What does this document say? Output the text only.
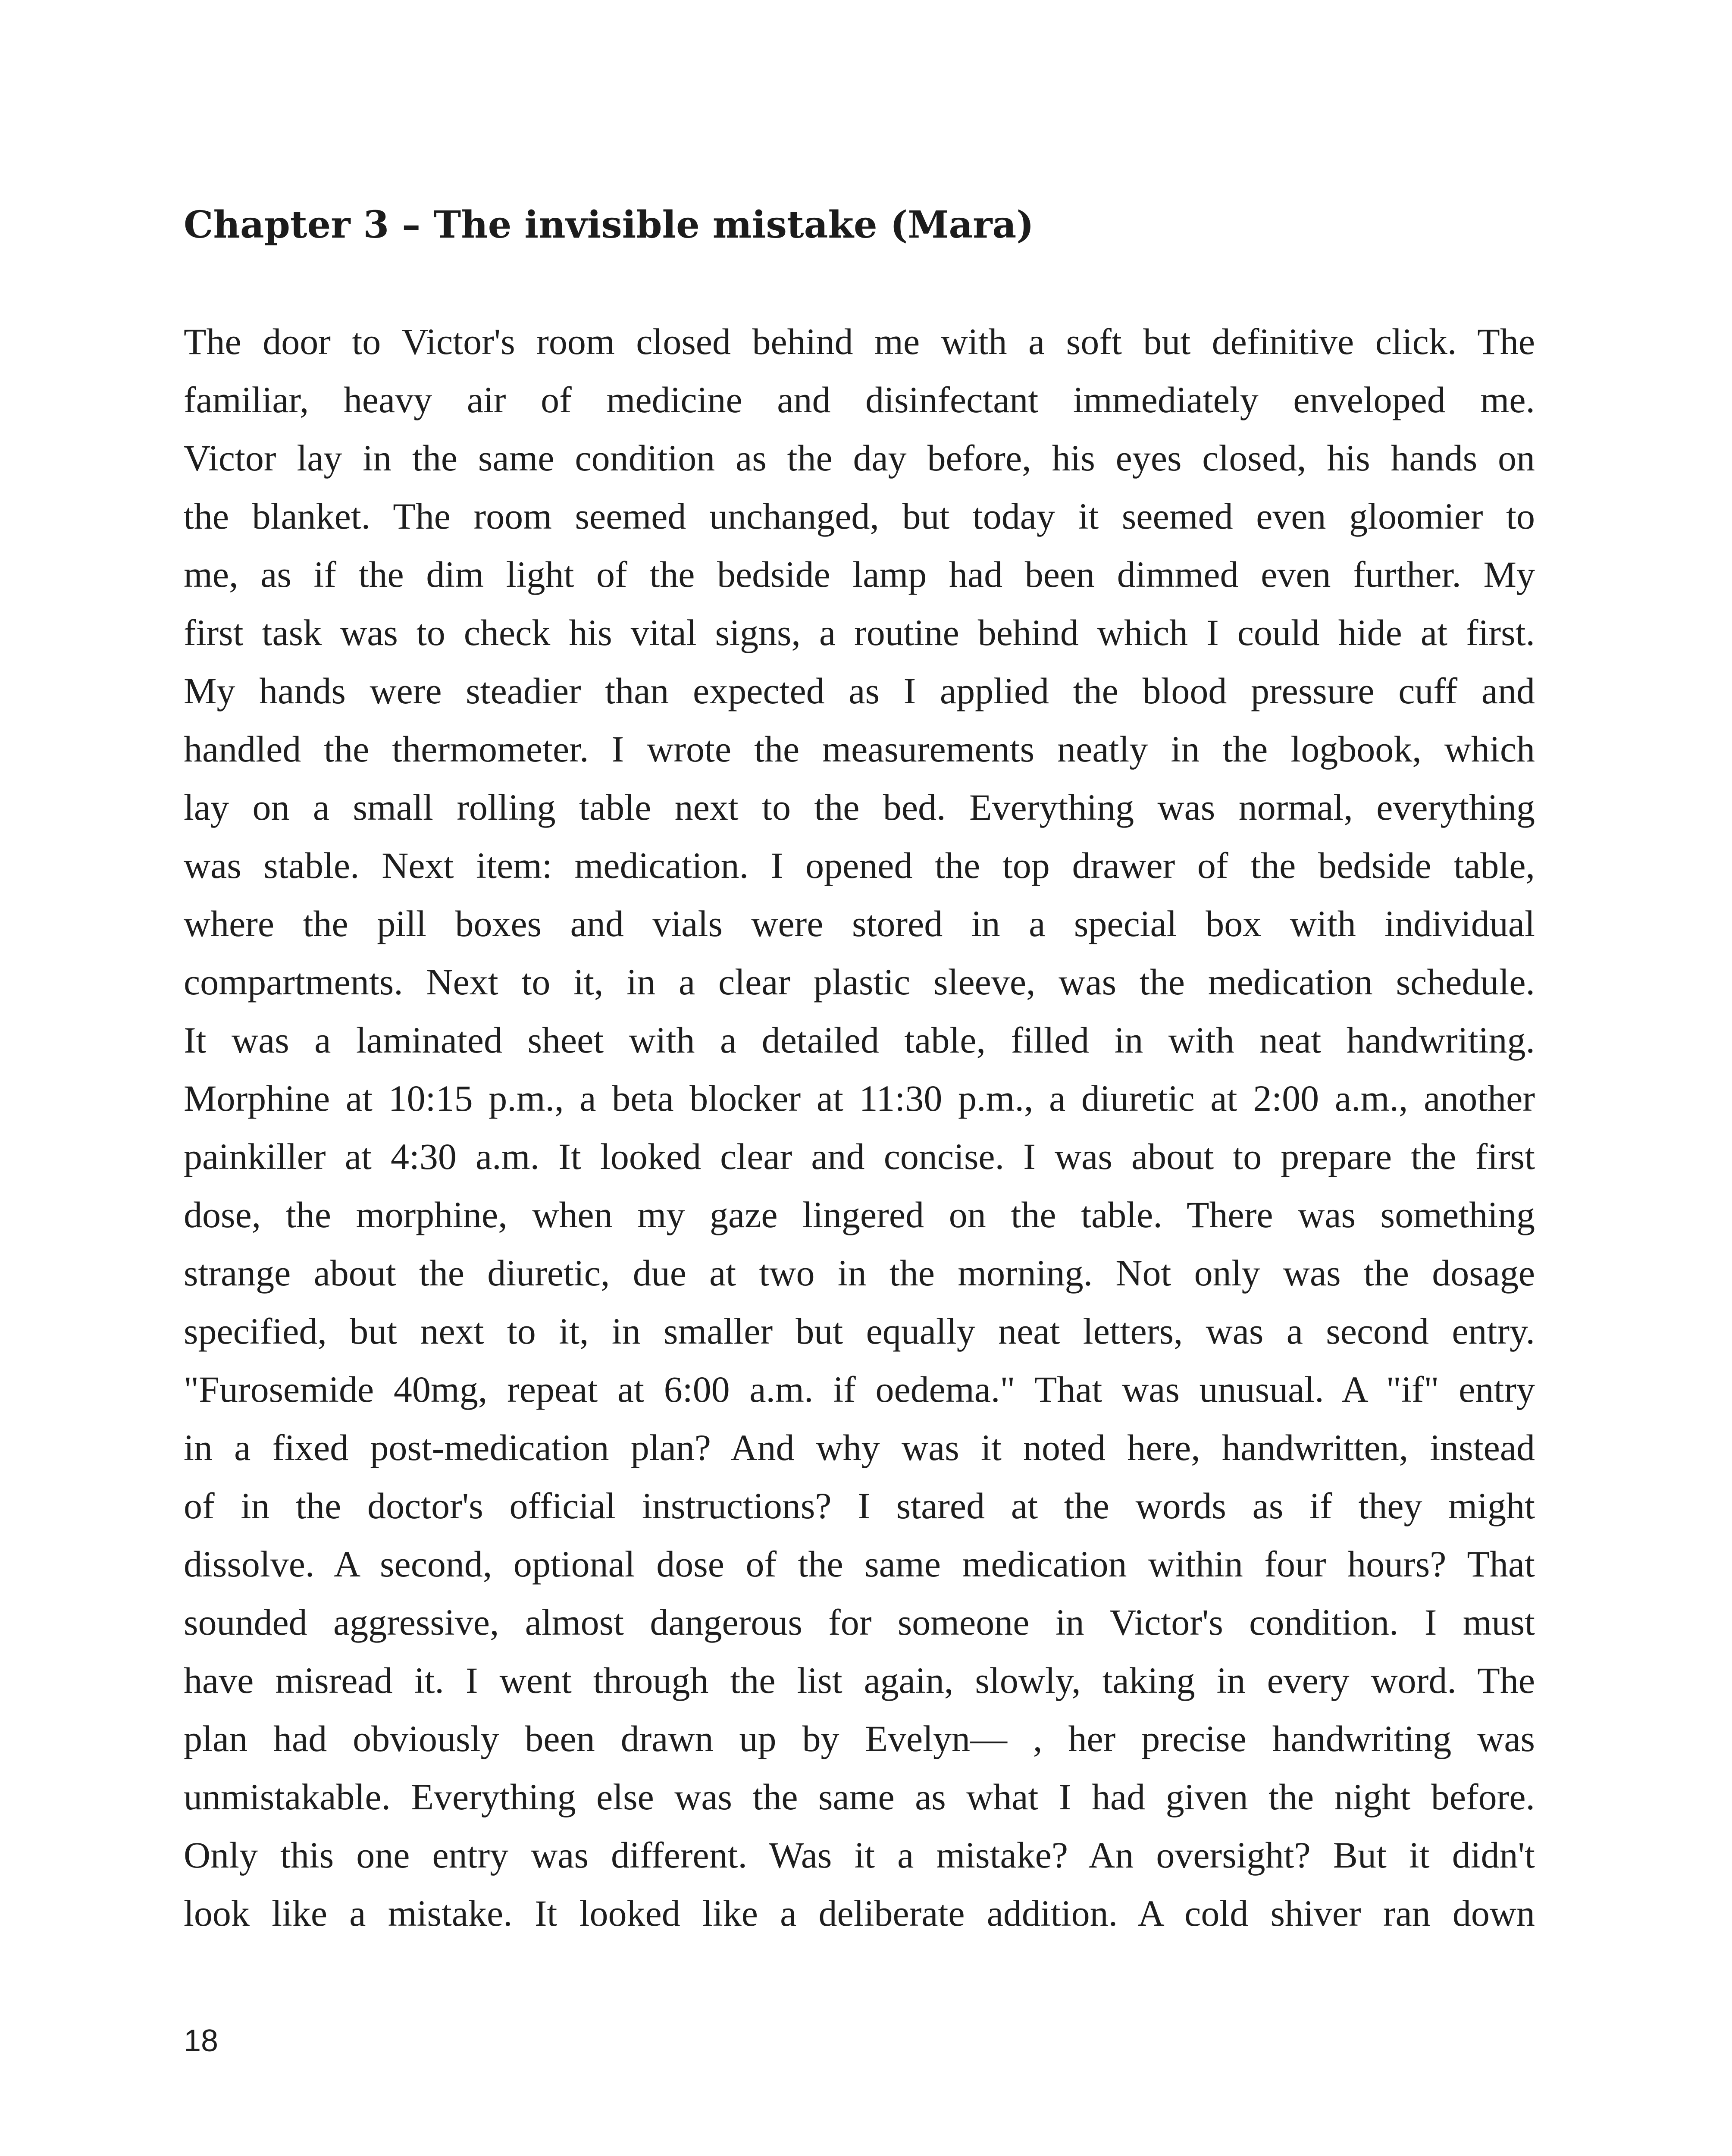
Chapter 3 – The invisible mistake (Mara)
The door to Victor's room closed behind me with a soft but definitive click. The
familiar, heavy air of medicine and disinfectant immediately enveloped me.
Victor lay in the same condition as the day before, his eyes closed, his hands on
the blanket. The room seemed unchanged, but today it seemed even gloomier to
me, as if the dim light of the bedside lamp had been dimmed even further. My
first task was to check his vital signs, a routine behind which I could hide at first.
My hands were steadier than expected as I applied the blood pressure cuff and
handled the thermometer. I wrote the measurements neatly in the logbook, which
lay on a small rolling table next to the bed. Everything was normal, everything
was stable. Next item: medication. I opened the top drawer of the bedside table,
where the pill boxes and vials were stored in a special box with individual
compartments. Next to it, in a clear plastic sleeve, was the medication schedule.
It was a laminated sheet with a detailed table, filled in with neat handwriting.
Morphine at 10:15 p.m., a beta blocker at 11:30 p.m., a diuretic at 2:00 a.m., another
painkiller at 4:30 a.m. It looked clear and concise. I was about to prepare the first
dose, the morphine, when my gaze lingered on the table. There was something
strange about the diuretic, due at two in the morning. Not only was the dosage
specified, but next to it, in smaller but equally neat letters, was a second entry.
"Furosemide 40mg, repeat at 6:00 a.m. if oedema." That was unusual. A "if" entry
in a fixed post-medication plan? And why was it noted here, handwritten, instead
of in the doctor's official instructions? I stared at the words as if they might
dissolve. A second, optional dose of the same medication within four hours? That
sounded aggressive, almost dangerous for someone in Victor's condition. I must
have misread it. I went through the list again, slowly, taking in every word. The
plan had obviously been drawn up by Evelyn— , her precise handwriting was
unmistakable. Everything else was the same as what I had given the night before.
Only this one entry was different. Was it a mistake? An oversight? But it didn't
look like a mistake. It looked like a deliberate addition. A cold shiver ran down
18
